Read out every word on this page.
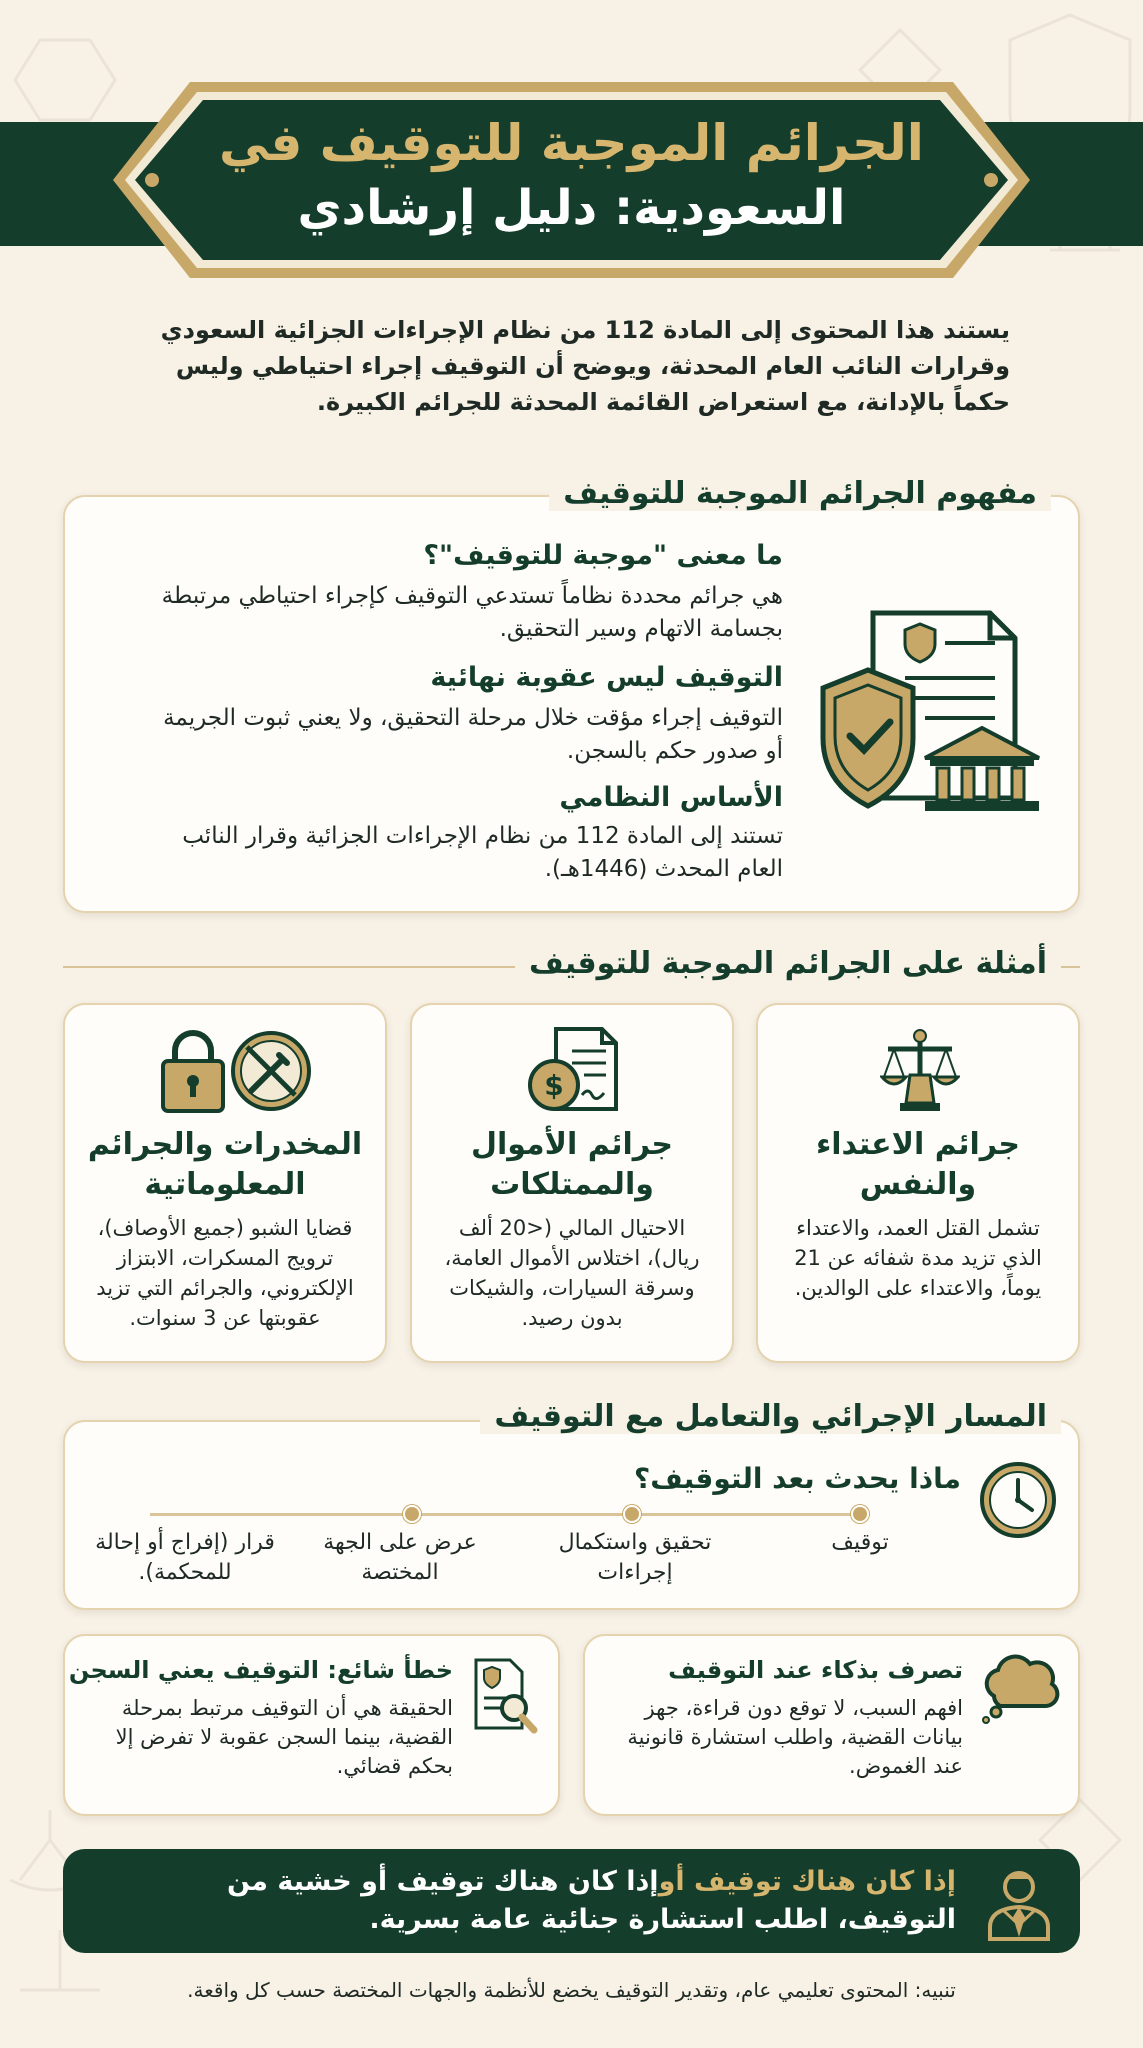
الجرائم الموجبة للتوقيف في
السعودية: دليل إرشادي
يستند هذا المحتوى إلى المادة 112 من نظام الإجراءات الجزائية السعودي وقرارات النائب العام المحدثة، ويوضح أن التوقيف إجراء احتياطي وليس حكماً بالإدانة، مع استعراض القائمة المحدثة للجرائم الكبيرة.
مفهوم الجرائم الموجبة للتوقيف
ما معنى "موجبة للتوقيف"؟
هي جرائم محددة نظاماً تستدعي التوقيف كإجراء احتياطي مرتبطة بجسامة الاتهام وسير التحقيق.
التوقيف ليس عقوبة نهائية
التوقيف إجراء مؤقت خلال مرحلة التحقيق، ولا يعني ثبوت الجريمة أو صدور حكم بالسجن.
الأساس النظامي
تستند إلى المادة 112 من نظام الإجراءات الجزائية وقرار النائب العام المحدث (1446هـ).
أمثلة على الجرائم الموجبة للتوقيف
جرائم الاعتداء والنفس
تشمل القتل العمد، والاعتداء الذي تزيد مدة شفائه عن 21 يوماً، والاعتداء على الوالدين.
$
جرائم الأموال والممتلكات
الاحتيال المالي (<20 ألف ريال)، اختلاس الأموال العامة، وسرقة السيارات، والشيكات بدون رصيد.
المخدرات والجرائم المعلوماتية
قضايا الشبو (جميع الأوصاف)، ترويج المسكرات، الابتزاز الإلكتروني، والجرائم التي تزيد عقوبتها عن 3 سنوات.
المسار الإجرائي والتعامل مع التوقيف
ماذا يحدث بعد التوقيف؟
توقيف
تحقيق واستكمال إجراءات
عرض على الجهة المختصة
قرار (إفراج أو إحالة للمحكمة).
تصرف بذكاء عند التوقيف
افهم السبب، لا توقع دون قراءة، جهز بيانات القضية، واطلب استشارة قانونية عند الغموض.
خطأ شائع: التوقيف يعني السجن
الحقيقة هي أن التوقيف مرتبط بمرحلة القضية، بينما السجن عقوبة لا تفرض إلا بحكم قضائي.
إذا كان هناك توقيف أوإذا كان هناك توقيف أو خشية من التوقيف، اطلب استشارة جنائية عامة بسرية.
تنبيه: المحتوى تعليمي عام، وتقدير التوقيف يخضع للأنظمة والجهات المختصة حسب كل واقعة.
